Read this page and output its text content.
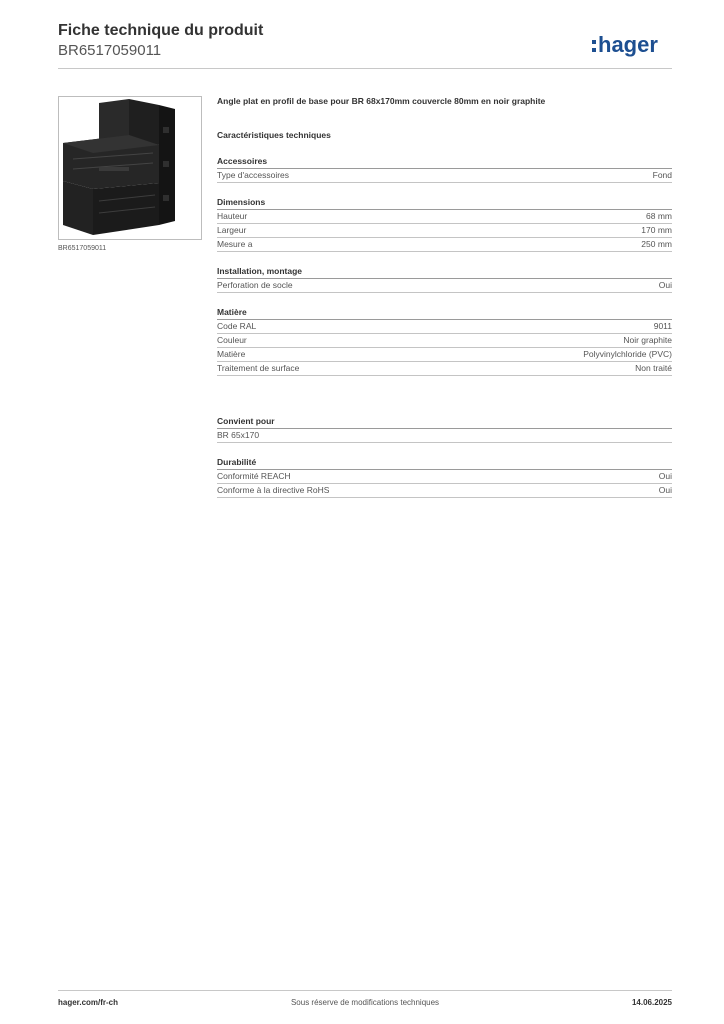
Fiche technique du produit
BR6517059011	hager
BR6517059011
Angle plat en profil de base pour BR 68x170mm couvercle 80mm en noir graphite
Caractéristiques techniques
Accessoires
Type d'accessoires	Fond
Dimensions
Hauteur	68 mm
Largeur	170 mm
Mesure a	250 mm
Installation, montage
Perforation de socle	Oui
Matière
Code RAL	9011
Couleur	Noir graphite
Matière	Polyvinylchloride (PVC)
Traitement de surface	Non traité
Convient pour
BR 65x170
Durabilité
Conformité REACH	Oui
Conforme à la directive RoHS	Oui
hager.com/fr-ch	Sous réserve de modifications techniques	14.06.2025
